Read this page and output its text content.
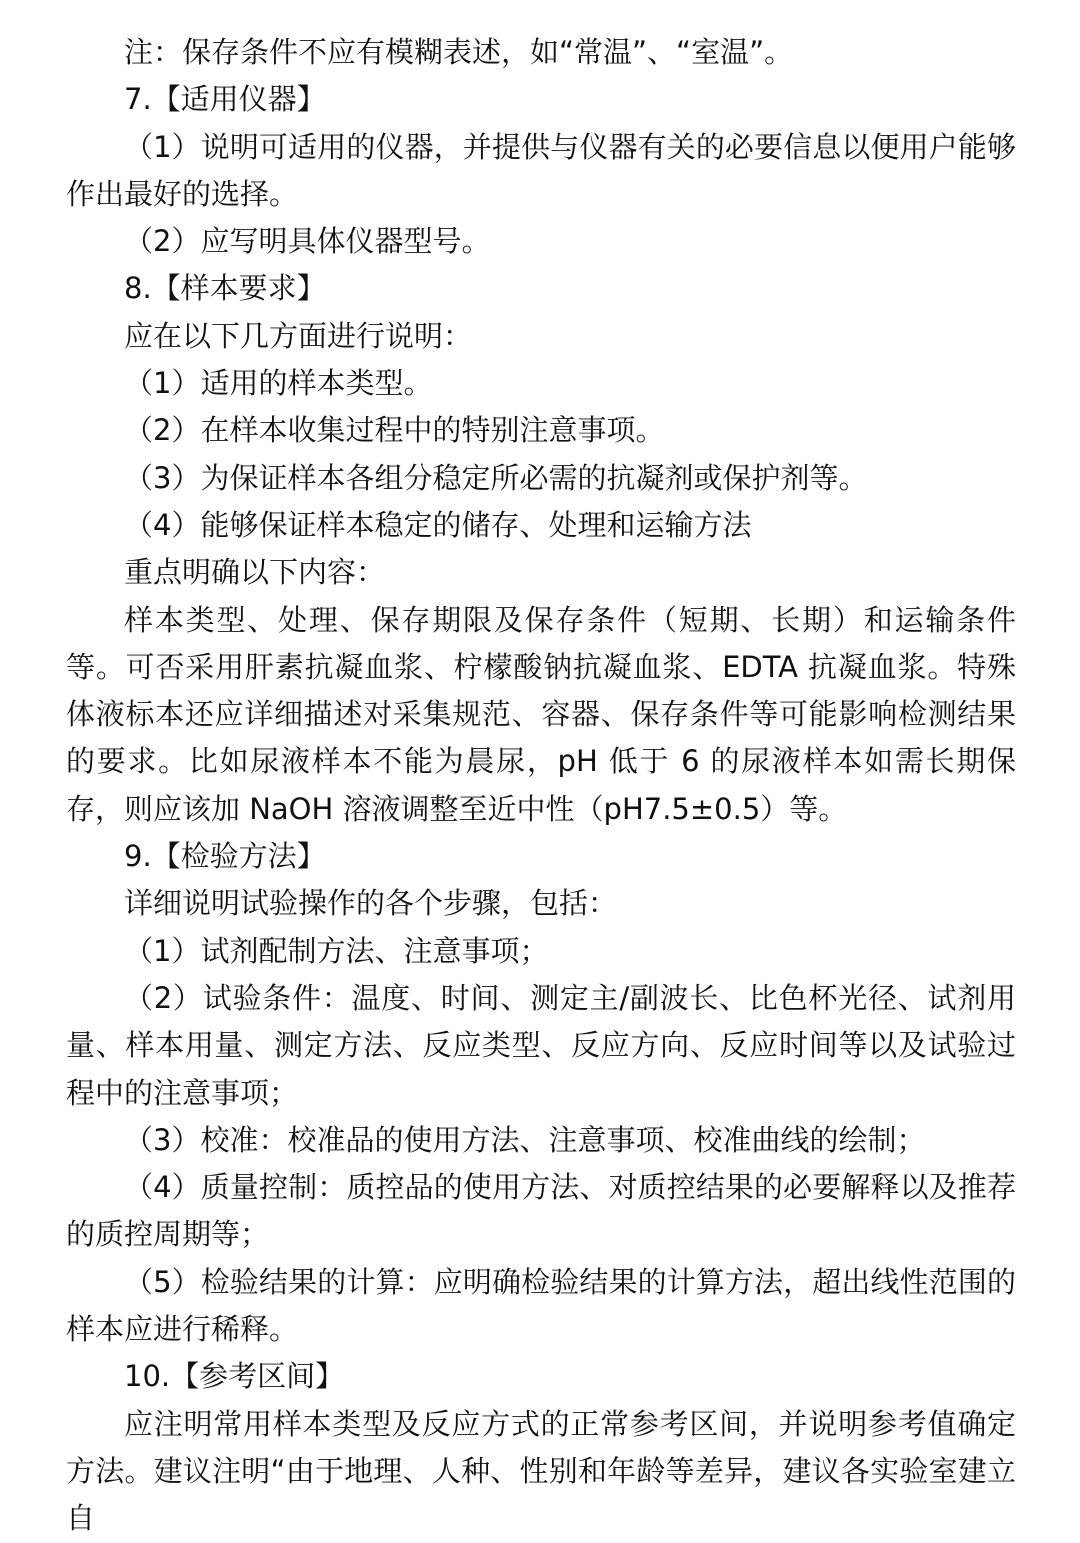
注：保存条件不应有模糊表述，如“常温”、“室温”。

7.【适用仪器】

（1）说明可适用的仪器，并提供与仪器有关的必要信息以便用户能够作出最好的选择。

（2）应写明具体仪器型号。

8.【样本要求】

应在以下几方面进行说明：

（1）适用的样本类型。

（2）在样本收集过程中的特别注意事项。

（3）为保证样本各组分稳定所必需的抗凝剂或保护剂等。

（4）能够保证样本稳定的储存、处理和运输方法

重点明确以下内容：

样本类型、处理、保存期限及保存条件（短期、长期）和运输条件等。可否采用肝素抗凝血浆、柠檬酸钠抗凝血浆、EDTA 抗凝血浆。特殊体液标本还应详细描述对采集规范、容器、保存条件等可能影响检测结果的要求。比如尿液样本不能为晨尿，pH 低于 6 的尿液样本如需长期保存，则应该加 NaOH 溶液调整至近中性（pH7.5±0.5）等。

9.【检验方法】

详细说明试验操作的各个步骤，包括：

（1）试剂配制方法、注意事项；

（2）试验条件：温度、时间、测定主/副波长、比色杯光径、试剂用量、样本用量、测定方法、反应类型、反应方向、反应时间等以及试验过程中的注意事项；

（3）校准：校准品的使用方法、注意事项、校准曲线的绘制；

（4）质量控制：质控品的使用方法、对质控结果的必要解释以及推荐的质控周期等；

（5）检验结果的计算：应明确检验结果的计算方法，超出线性范围的样本应进行稀释。

10.【参考区间】

应注明常用样本类型及反应方式的正常参考区间，并说明参考值确定方法。建议注明“由于地理、人种、性别和年龄等差异，建议各实验室建立自
